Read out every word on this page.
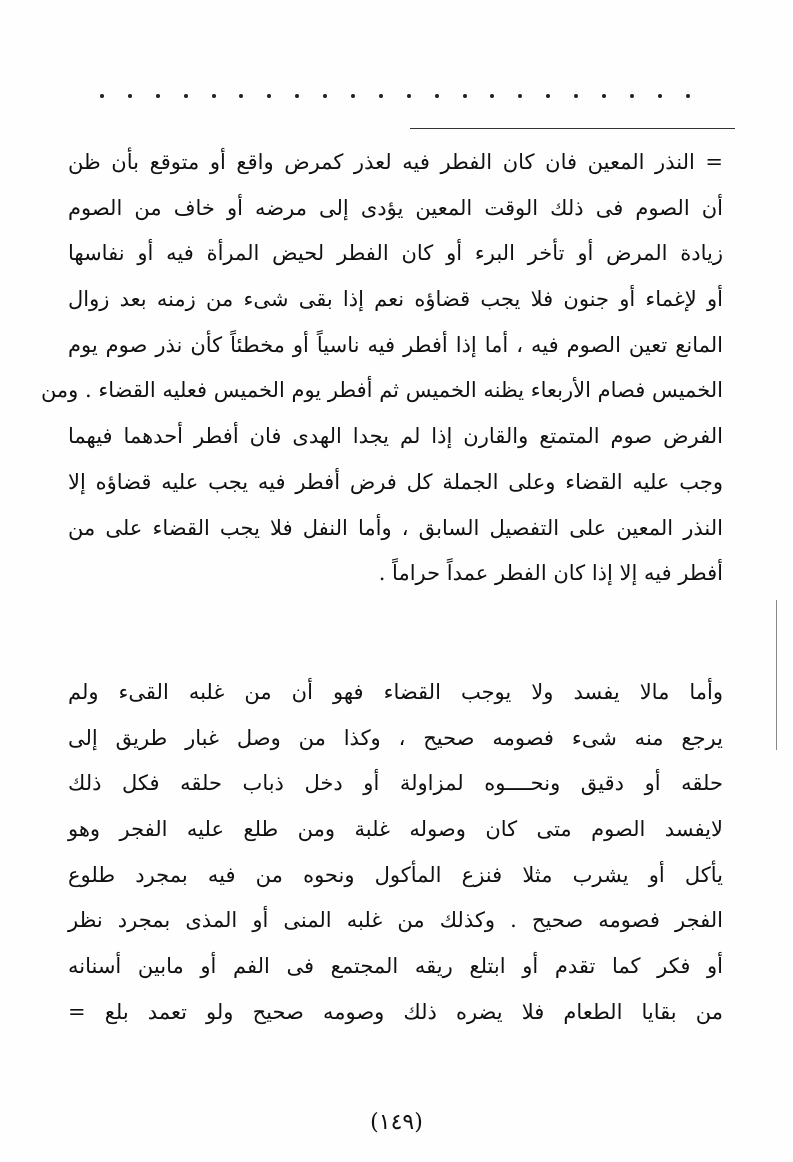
= النذر المعين فان كان الفطر فيه لعذر كمرض واقع أو متوقع بأن ظن
أن الصوم فى ذلك الوقت المعين يؤدى إلى مرضه أو خاف من الصوم
زيادة المرض أو تأخر البرء أو كان الفطر لحيض المرأة فيه أو نفاسها
أو لإغماء أو جنون فلا يجب قضاؤه نعم إذا بقى شىء من زمنه بعد زوال
المانع تعين الصوم فيه ، أما إذا أفطر فيه ناسياً أو مخطئاً كأن نذر صوم يوم
الخميس فصام الأربعاء يظنه الخميس ثم أفطر يوم الخميس فعليه القضاء . ومن
الفرض صوم المتمتع والقارن إذا لم يجدا الهدى فان أفطر أحدهما فيهما
وجب عليه القضاء وعلى الجملة كل فرض أفطر فيه يجب عليه قضاؤه إلا
النذر المعين على التفصيل السابق ، وأما النفل فلا يجب القضاء على من
أفطر فيه إلا إذا كان الفطر عمداً حراماً .
وأما مالا يفسد ولا يوجب القضاء فهو أن من غلبه القىء ولم
يرجع منه شىء فصومه صحيح ، وكذا من وصل غبار طريق إلى
حلقه أو دقيق ونحــــوه لمزاولة أو دخل ذباب حلقه فكل ذلك
لايفسد الصوم متى كان وصوله غلبة ومن طلع عليه الفجر وهو
يأكل أو يشرب مثلا فنزع المأكول ونحوه من فيه بمجرد طلوع
الفجر فصومه صحيح . وكذلك من غلبه المنى أو المذى بمجرد نظر
أو فكر كما تقدم أو ابتلع ريقه المجتمع فى الفم أو مابين أسنانه
من بقايا الطعام فلا يضره ذلك وصومه صحيح ولو تعمد بلع =
(١٤٩)
